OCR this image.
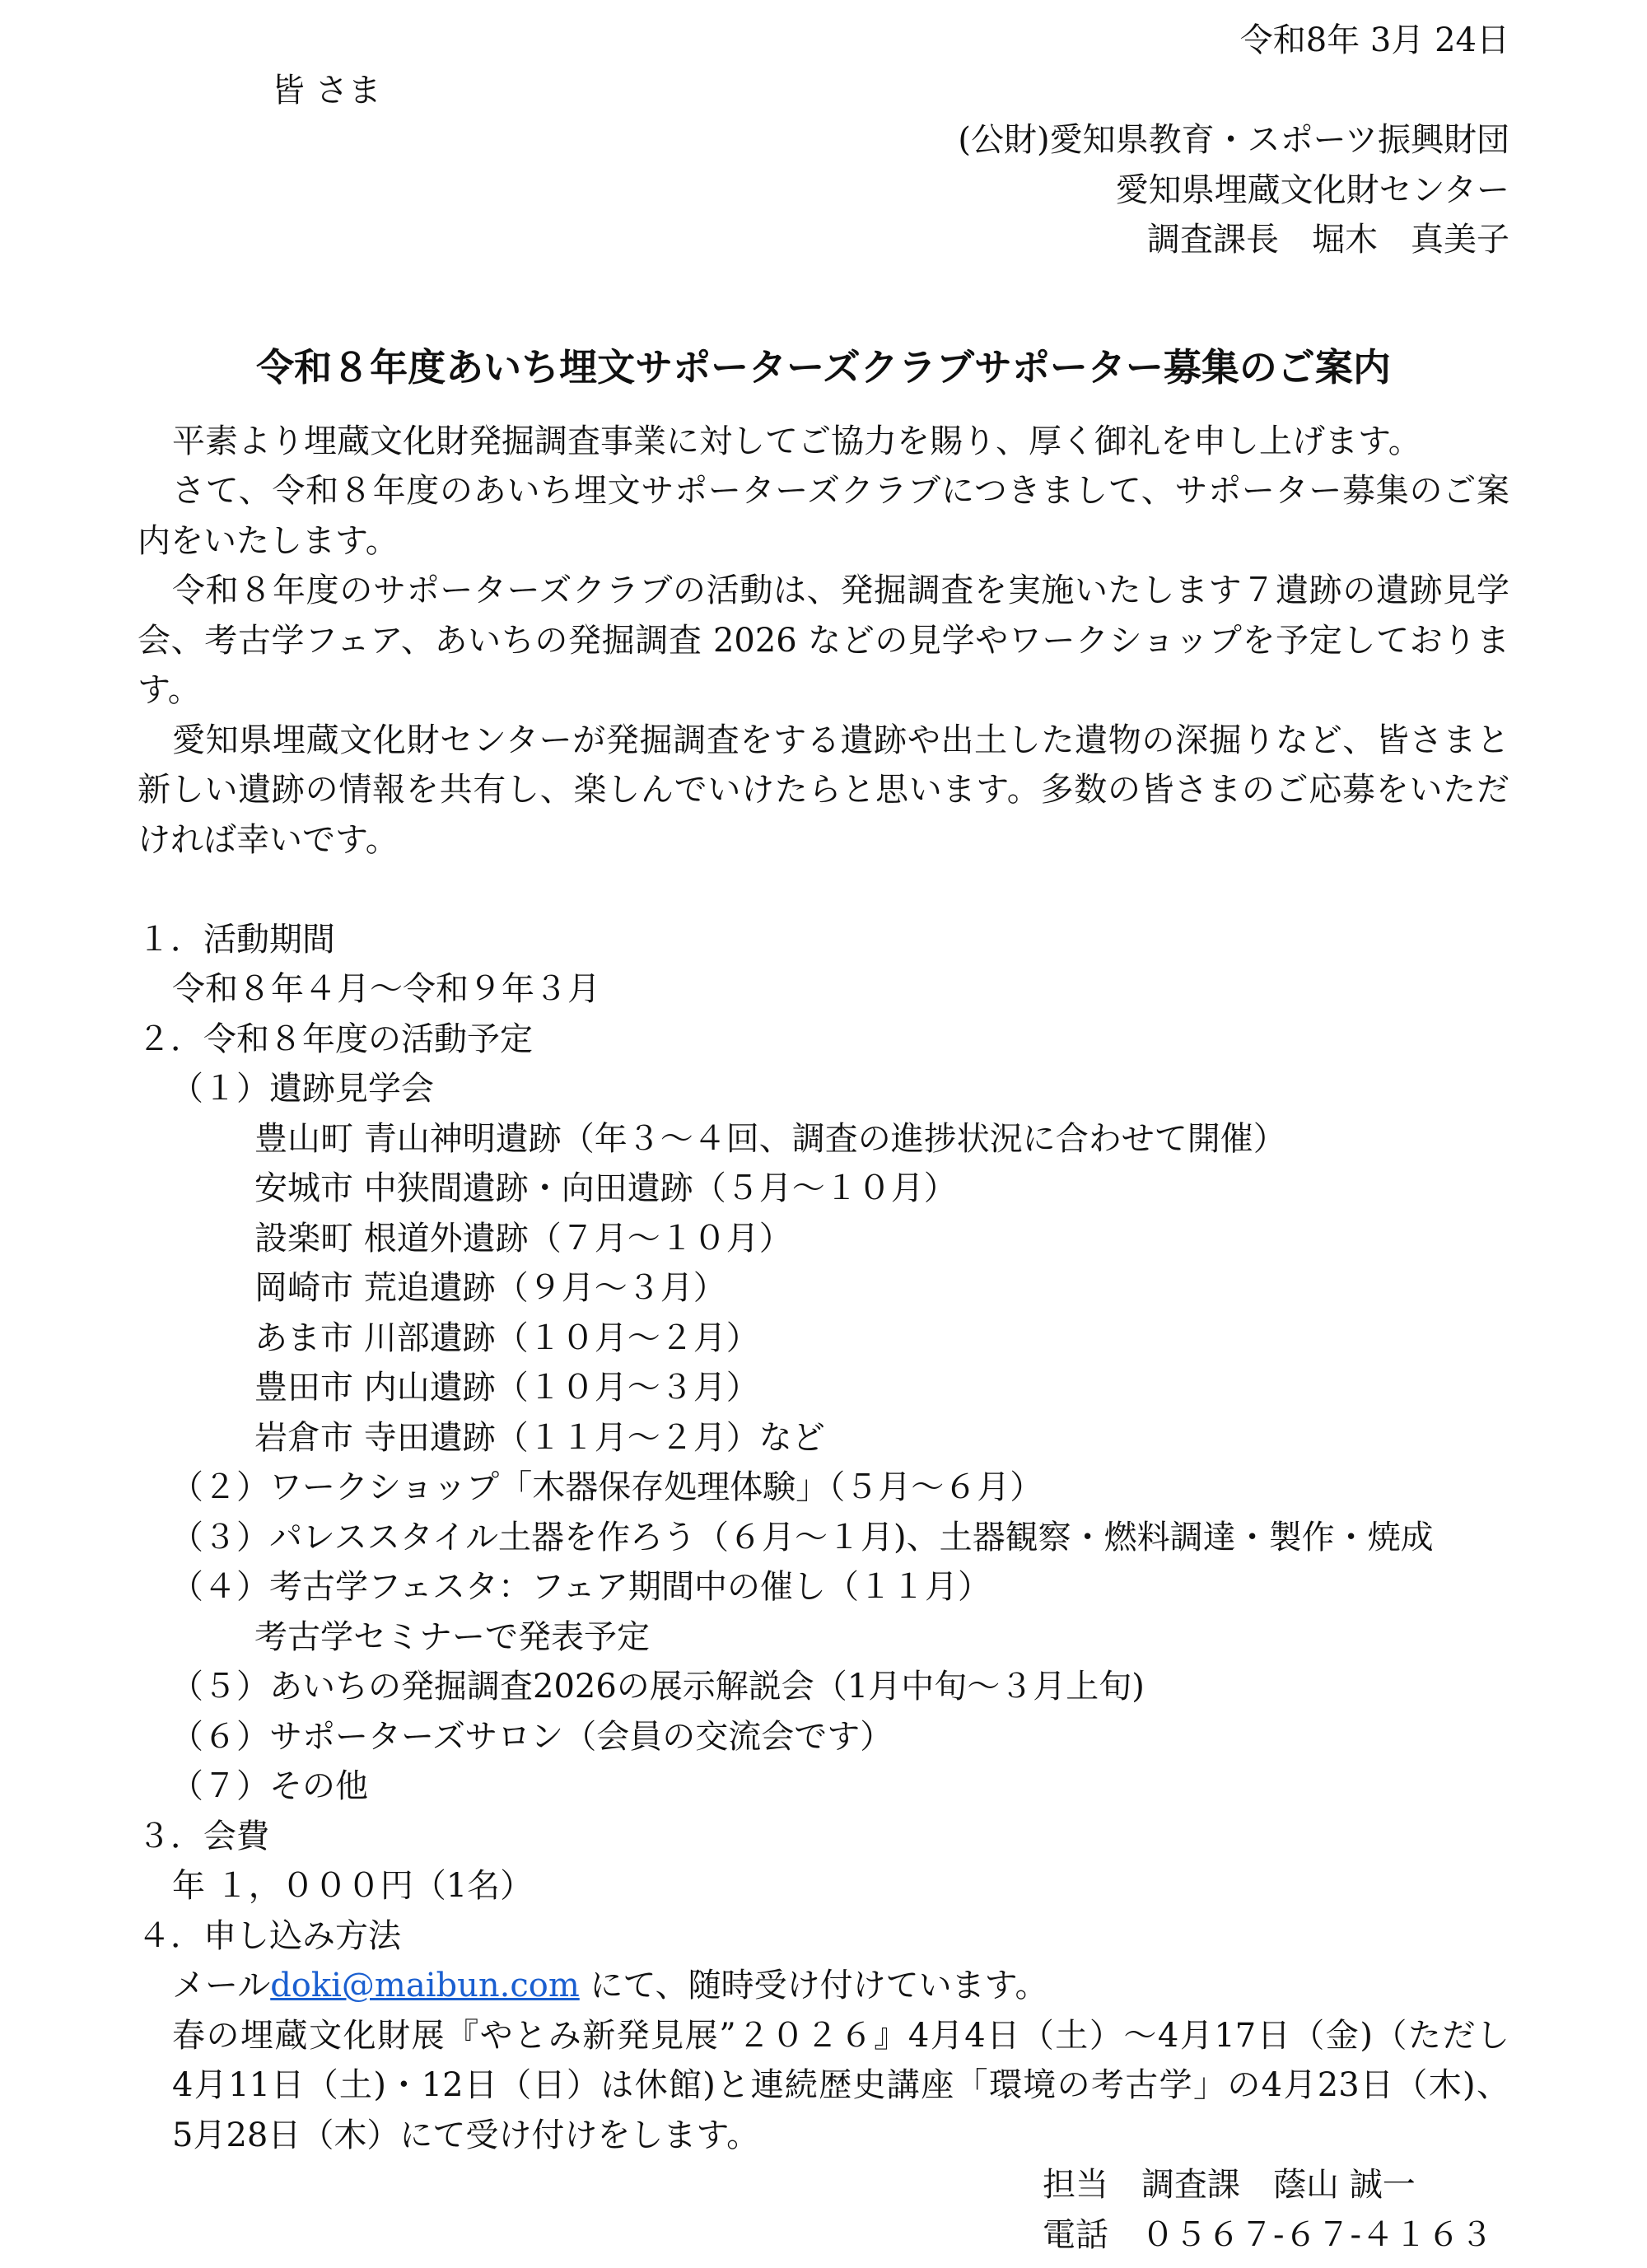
令和8年 3月 24日
皆 さま
(公財)愛知県教育・スポーツ振興財団
愛知県埋蔵文化財センター
調査課長　堀木　真美子
令和８年度あいち埋文サポーターズクラブサポーター募集のご案内
平素より埋蔵文化財発掘調査事業に対してご協力を賜り、厚く御礼を申し上げます。
さて、令和８年度のあいち埋文サポーターズクラブにつきまして、サポーター募集のご案
内をいたします。
令和８年度のサポーターズクラブの活動は、発掘調査を実施いたします７遺跡の遺跡見学
会、考古学フェア、あいちの発掘調査 2026 などの見学やワークショップを予定しておりま
す。
愛知県埋蔵文化財センターが発掘調査をする遺跡や出土した遺物の深掘りなど、皆さまと
新しい遺跡の情報を共有し、楽しんでいけたらと思います。多数の皆さまのご応募をいただ
ければ幸いです。
１．活動期間
令和８年４月～令和９年３月
２．令和８年度の活動予定
（１）遺跡見学会
豊山町 青山神明遺跡（年３～４回、調査の進捗状況に合わせて開催）
安城市 中狭間遺跡・向田遺跡（５月～１０月）
設楽町 根道外遺跡（７月～１０月）
岡崎市 荒追遺跡（９月～３月）
あま市 川部遺跡（１０月～２月）
豊田市 内山遺跡（１０月～３月）
岩倉市 寺田遺跡（１１月～２月）など
（２）ワークショップ「木器保存処理体験」（５月～６月）
（３）パレススタイル土器を作ろう（６月～１月)、土器観察・燃料調達・製作・焼成
（４）考古学フェスタ：フェア期間中の催し（１１月）
考古学セミナーで発表予定
（５）あいちの発掘調査2026の展示解説会（1月中旬～３月上旬)
（６）サポーターズサロン（会員の交流会です）
（７）その他
３．会費
年 １，０００円（1名）
４．申し込み方法
メールdoki@maibun.com にて、随時受け付けています。
春の埋蔵文化財展『やとみ新発見展”２０２６』4月4日（土）～4月17日（金)（ただし
4月11日（土)・12日（日）は休館)と連続歴史講座「環境の考古学」の4月23日（木)、
5月28日（木）にて受け付けをします。
担当　調査課　蔭山 誠一
電話　０５６７-６７-４１６３
